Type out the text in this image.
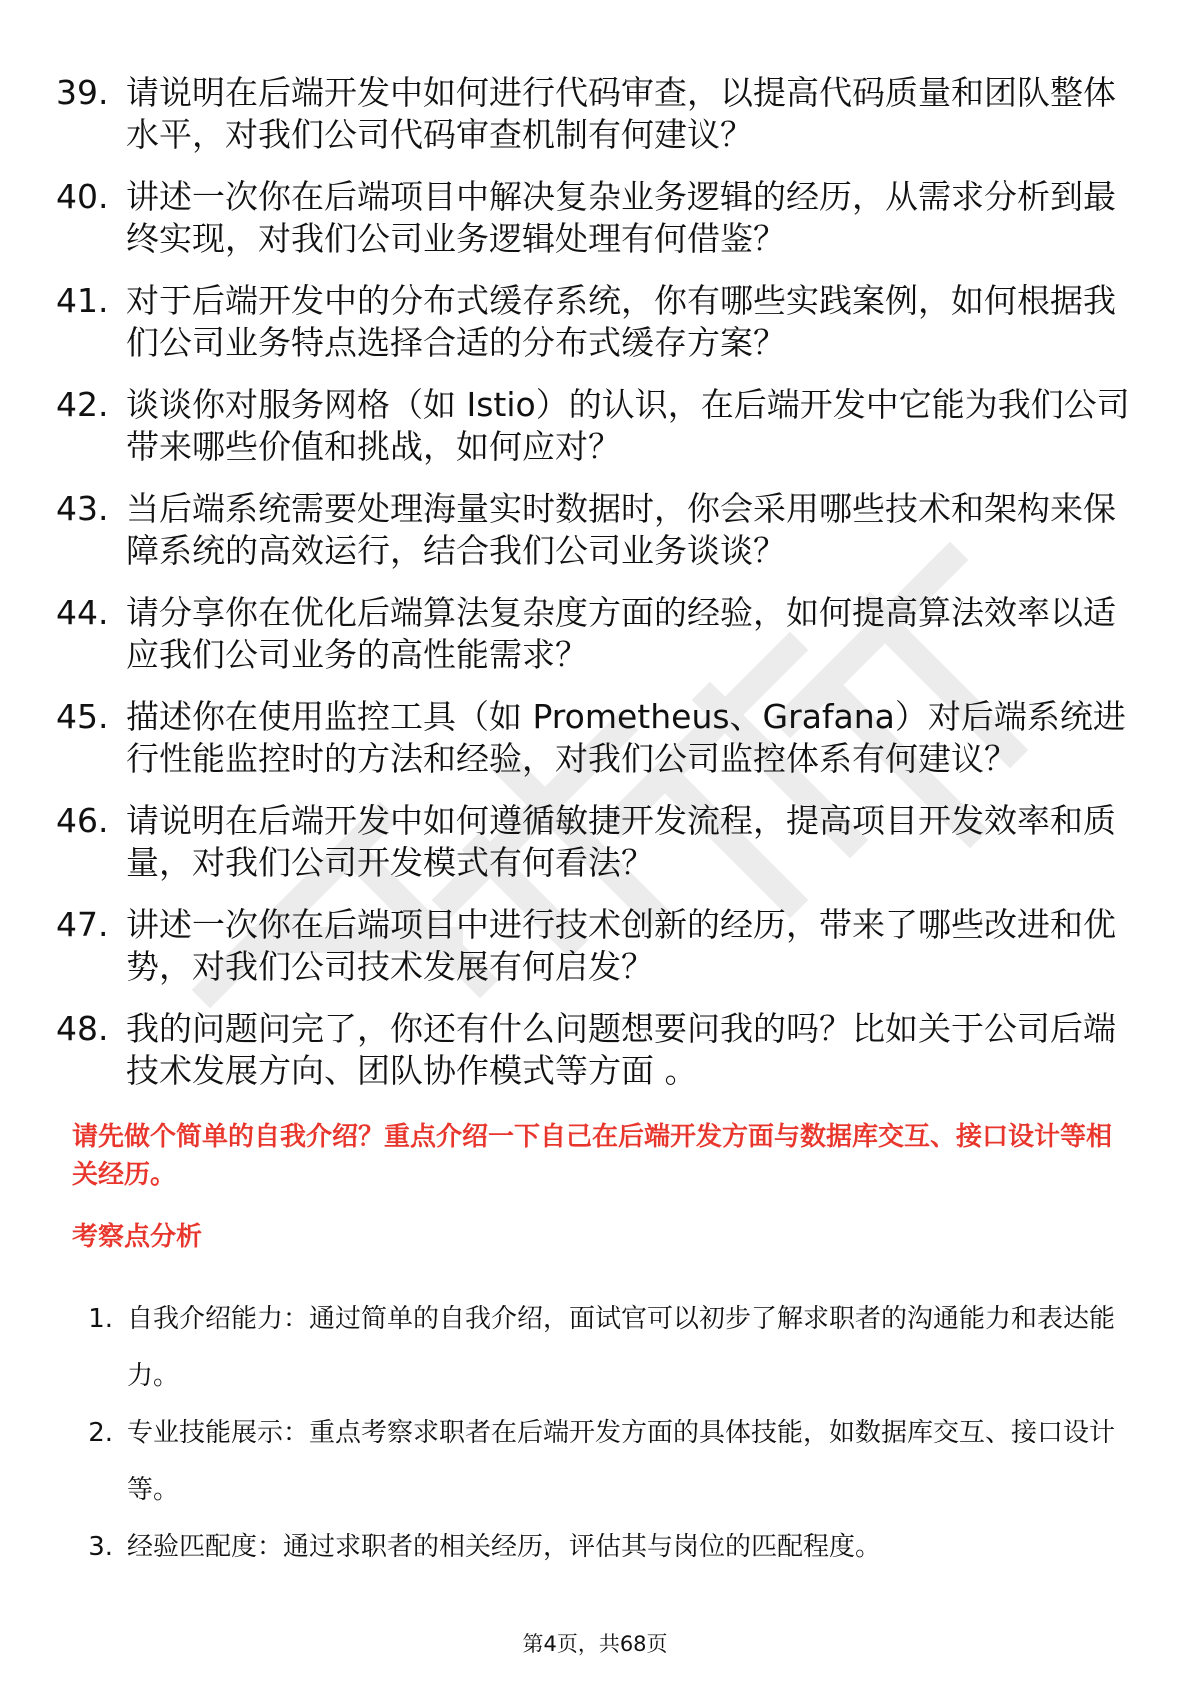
39. 请说明在后端开发中如何进行代码审查，以提高代码质量和团队整体水平，对我们公司代码审查机制有何建议？
40. 讲述一次你在后端项目中解决复杂业务逻辑的经历，从需求分析到最终实现，对我们公司业务逻辑处理有何借鉴？
41. 对于后端开发中的分布式缓存系统，你有哪些实践案例，如何根据我们公司业务特点选择合适的分布式缓存方案？
42. 谈谈你对服务网格（如 Istio）的认识，在后端开发中它能为我们公司带来哪些价值和挑战，如何应对？
43. 当后端系统需要处理海量实时数据时，你会采用哪些技术和架构来保障系统的高效运行，结合我们公司业务谈谈？
44. 请分享你在优化后端算法复杂度方面的经验，如何提高算法效率以适应我们公司业务的高性能需求？
45. 描述你在使用监控工具（如 Prometheus、Grafana）对后端系统进行性能监控时的方法和经验，对我们公司监控体系有何建议？
46. 请说明在后端开发中如何遵循敏捷开发流程，提高项目开发效率和质量，对我们公司开发模式有何看法？
47. 讲述一次你在后端项目中进行技术创新的经历，带来了哪些改进和优势，对我们公司技术发展有何启发？
48. 我的问题问完了，你还有什么问题想要问我的吗？比如关于公司后端技术发展方向、团队协作模式等方面 。

请先做个简单的自我介绍？重点介绍一下自己在后端开发方面与数据库交互、接口设计等相关经历。

考察点分析

1. 自我介绍能力：通过简单的自我介绍，面试官可以初步了解求职者的沟通能力和表达能力。
2. 专业技能展示：重点考察求职者在后端开发方面的具体技能，如数据库交互、接口设计等。
3. 经验匹配度：通过求职者的相关经历，评估其与岗位的匹配程度。
第4页，共68页
